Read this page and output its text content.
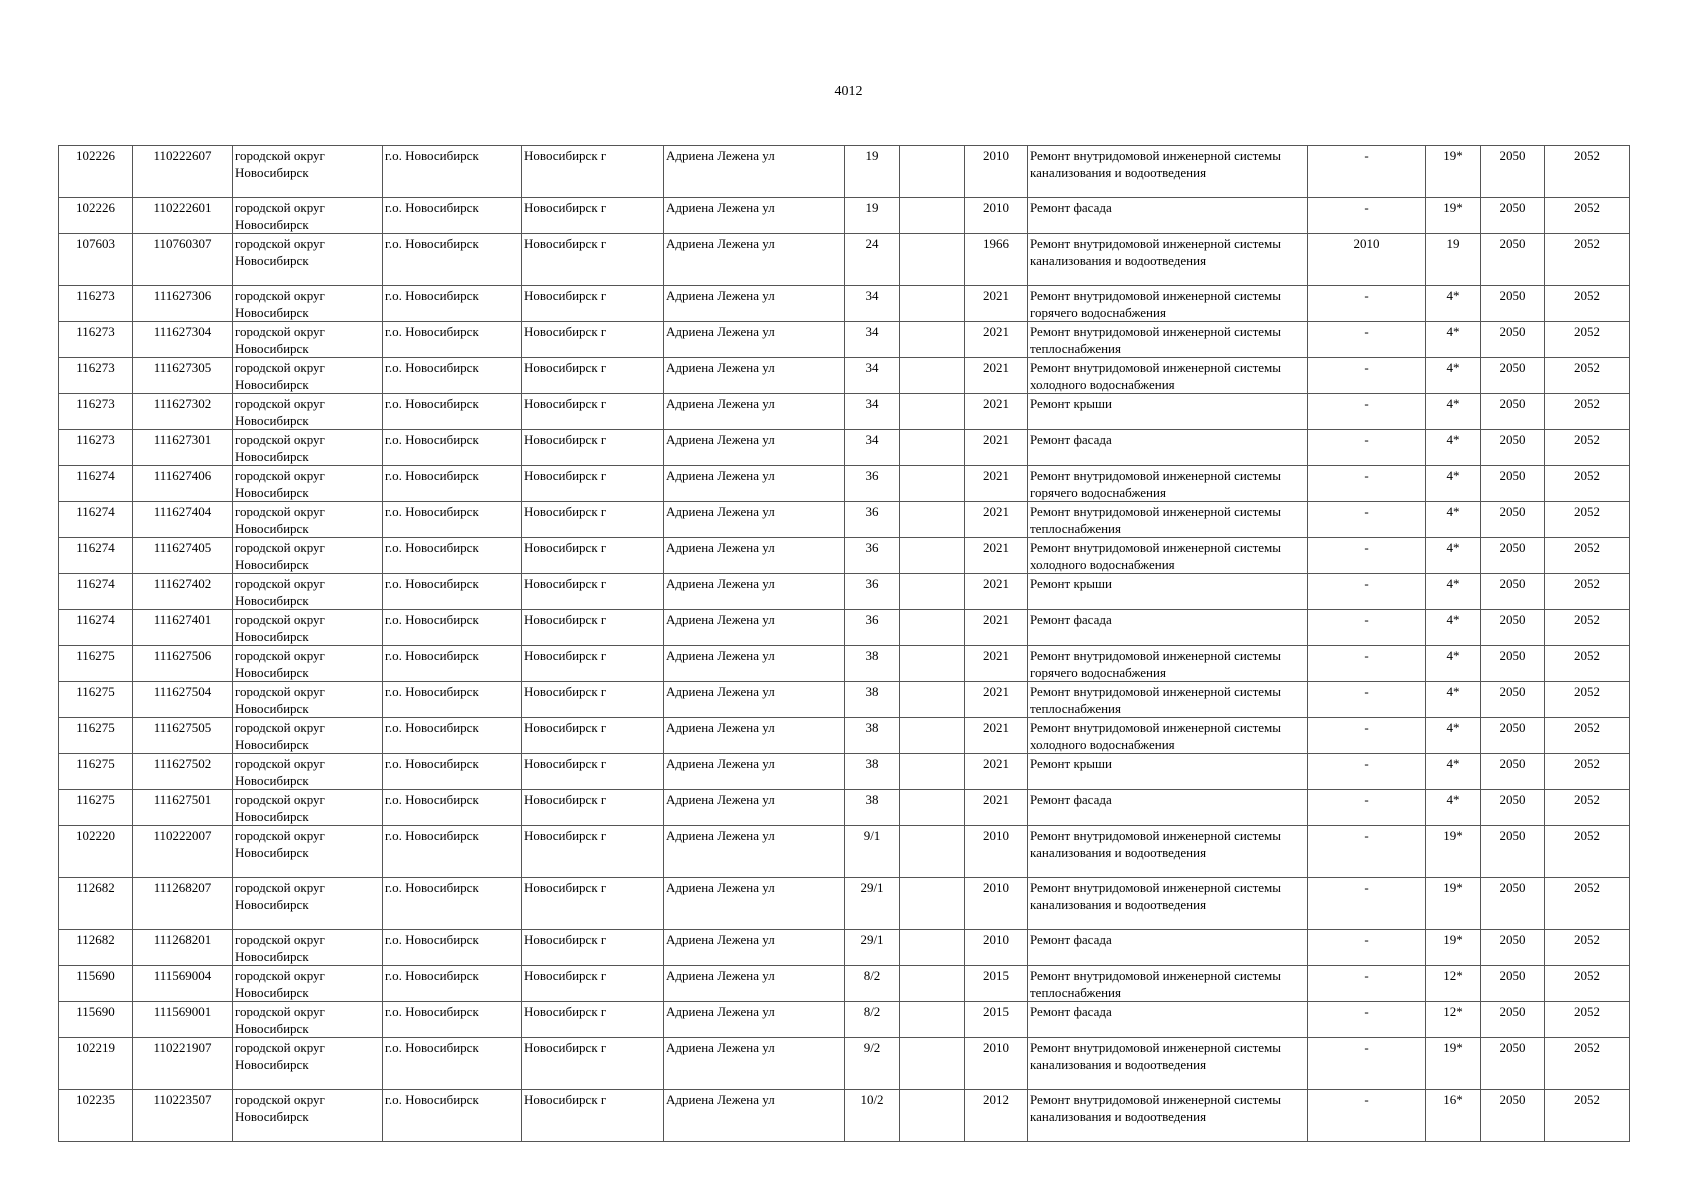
4012
102226	110222607	городской округ Новосибирск	г.о. Новосибирск	Новосибирск г	Адриена Лежена ул	19		2010	Ремонт внутридомовой инженерной системы канализования и водоотведения	-	19*	2050	2052
102226	110222601	городской округ Новосибирск	г.о. Новосибирск	Новосибирск г	Адриена Лежена ул	19		2010	Ремонт фасада	-	19*	2050	2052
107603	110760307	городской округ Новосибирск	г.о. Новосибирск	Новосибирск г	Адриена Лежена ул	24		1966	Ремонт внутридомовой инженерной системы канализования и водоотведения	2010	19	2050	2052
116273	111627306	городской округ Новосибирск	г.о. Новосибирск	Новосибирск г	Адриена Лежена ул	34		2021	Ремонт внутридомовой инженерной системы горячего водоснабжения	-	4*	2050	2052
116273	111627304	городской округ Новосибирск	г.о. Новосибирск	Новосибирск г	Адриена Лежена ул	34		2021	Ремонт внутридомовой инженерной системы теплоснабжения	-	4*	2050	2052
116273	111627305	городской округ Новосибирск	г.о. Новосибирск	Новосибирск г	Адриена Лежена ул	34		2021	Ремонт внутридомовой инженерной системы холодного водоснабжения	-	4*	2050	2052
116273	111627302	городской округ Новосибирск	г.о. Новосибирск	Новосибирск г	Адриена Лежена ул	34		2021	Ремонт крыши	-	4*	2050	2052
116273	111627301	городской округ Новосибирск	г.о. Новосибирск	Новосибирск г	Адриена Лежена ул	34		2021	Ремонт фасада	-	4*	2050	2052
116274	111627406	городской округ Новосибирск	г.о. Новосибирск	Новосибирск г	Адриена Лежена ул	36		2021	Ремонт внутридомовой инженерной системы горячего водоснабжения	-	4*	2050	2052
116274	111627404	городской округ Новосибирск	г.о. Новосибирск	Новосибирск г	Адриена Лежена ул	36		2021	Ремонт внутридомовой инженерной системы теплоснабжения	-	4*	2050	2052
116274	111627405	городской округ Новосибирск	г.о. Новосибирск	Новосибирск г	Адриена Лежена ул	36		2021	Ремонт внутридомовой инженерной системы холодного водоснабжения	-	4*	2050	2052
116274	111627402	городской округ Новосибирск	г.о. Новосибирск	Новосибирск г	Адриена Лежена ул	36		2021	Ремонт крыши	-	4*	2050	2052
116274	111627401	городской округ Новосибирск	г.о. Новосибирск	Новосибирск г	Адриена Лежена ул	36		2021	Ремонт фасада	-	4*	2050	2052
116275	111627506	городской округ Новосибирск	г.о. Новосибирск	Новосибирск г	Адриена Лежена ул	38		2021	Ремонт внутридомовой инженерной системы горячего водоснабжения	-	4*	2050	2052
116275	111627504	городской округ Новосибирск	г.о. Новосибирск	Новосибирск г	Адриена Лежена ул	38		2021	Ремонт внутридомовой инженерной системы теплоснабжения	-	4*	2050	2052
116275	111627505	городской округ Новосибирск	г.о. Новосибирск	Новосибирск г	Адриена Лежена ул	38		2021	Ремонт внутридомовой инженерной системы холодного водоснабжения	-	4*	2050	2052
116275	111627502	городской округ Новосибирск	г.о. Новосибирск	Новосибирск г	Адриена Лежена ул	38		2021	Ремонт крыши	-	4*	2050	2052
116275	111627501	городской округ Новосибирск	г.о. Новосибирск	Новосибирск г	Адриена Лежена ул	38		2021	Ремонт фасада	-	4*	2050	2052
102220	110222007	городской округ Новосибирск	г.о. Новосибирск	Новосибирск г	Адриена Лежена ул	9/1		2010	Ремонт внутридомовой инженерной системы канализования и водоотведения	-	19*	2050	2052
112682	111268207	городской округ Новосибирск	г.о. Новосибирск	Новосибирск г	Адриена Лежена ул	29/1		2010	Ремонт внутридомовой инженерной системы канализования и водоотведения	-	19*	2050	2052
112682	111268201	городской округ Новосибирск	г.о. Новосибирск	Новосибирск г	Адриена Лежена ул	29/1		2010	Ремонт фасада	-	19*	2050	2052
115690	111569004	городской округ Новосибирск	г.о. Новосибирск	Новосибирск г	Адриена Лежена ул	8/2		2015	Ремонт внутридомовой инженерной системы теплоснабжения	-	12*	2050	2052
115690	111569001	городской округ Новосибирск	г.о. Новосибирск	Новосибирск г	Адриена Лежена ул	8/2		2015	Ремонт фасада	-	12*	2050	2052
102219	110221907	городской округ Новосибирск	г.о. Новосибирск	Новосибирск г	Адриена Лежена ул	9/2		2010	Ремонт внутридомовой инженерной системы канализования и водоотведения	-	19*	2050	2052
102235	110223507	городской округ Новосибирск	г.о. Новосибирск	Новосибирск г	Адриена Лежена ул	10/2		2012	Ремонт внутридомовой инженерной системы канализования и водоотведения	-	16*	2050	2052
